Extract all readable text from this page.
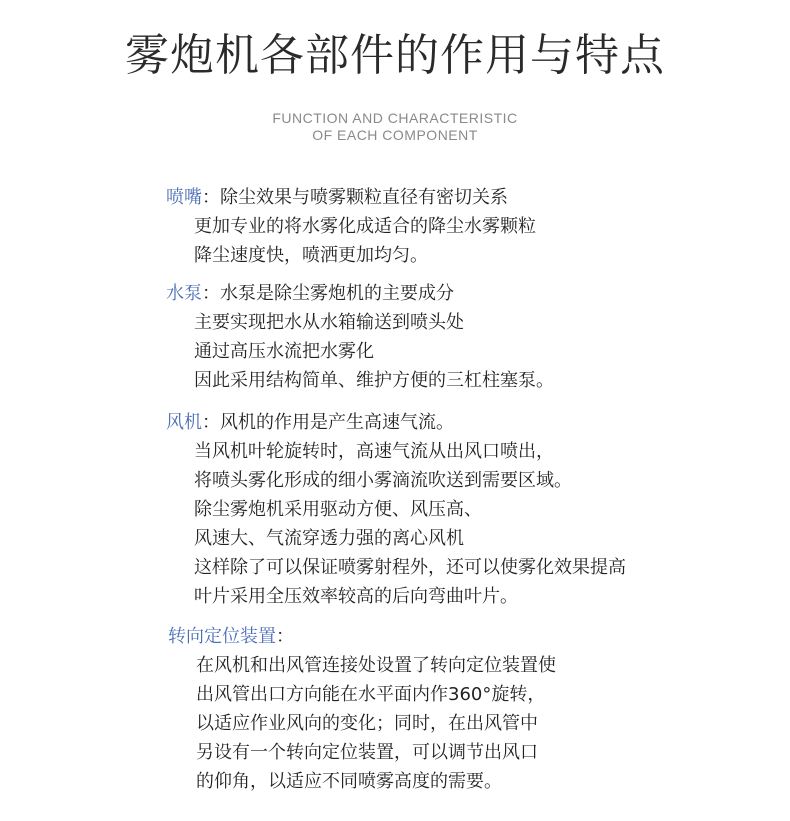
雾炮机各部件的作用与特点
FUNCTION AND CHARACTERISTIC
OF EACH COMPONENT
喷嘴：除尘效果与喷雾颗粒直径有密切关系
更加专业的将水雾化成适合的降尘水雾颗粒
降尘速度快，喷洒更加均匀。
水泵：水泵是除尘雾炮机的主要成分
主要实现把水从水箱输送到喷头处
通过高压水流把水雾化
因此采用结构简单、维护方便的三杠柱塞泵。
风机：风机的作用是产生高速气流。
当风机叶轮旋转时，高速气流从出风口喷出，
将喷头雾化形成的细小雾滴流吹送到需要区域。
除尘雾炮机采用驱动方便、风压高、
风速大、气流穿透力强的离心风机
这样除了可以保证喷雾射程外，还可以使雾化效果提高
叶片采用全压效率较高的后向弯曲叶片。
转向定位装置：
在风机和出风管连接处设置了转向定位装置使
出风管出口方向能在水平面内作360°旋转，
以适应作业风向的变化；同时，在出风管中
另设有一个转向定位装置，可以调节出风口
的仰角，以适应不同喷雾高度的需要。
